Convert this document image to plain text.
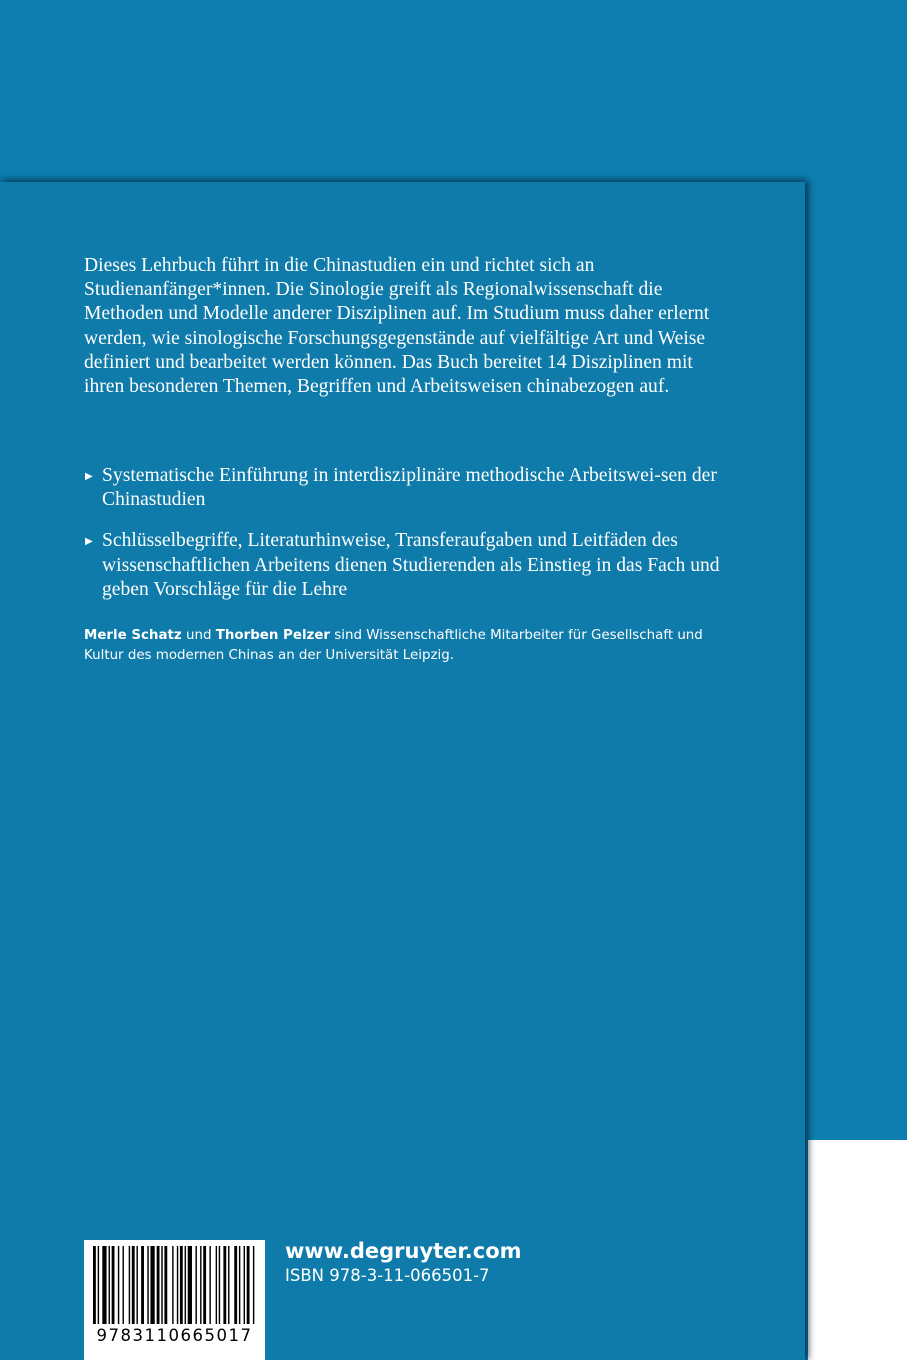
Dieses Lehrbuch führt in die Chinastudien ein und richtet sich an Studienanfänger*innen. Die Sinologie greift als Regionalwissenschaft die Methoden und Modelle anderer Disziplinen auf. Im Studium muss daher erlernt werden, wie sinologische Forschungsgegenstände auf vielfältige Art und Weise definiert und bearbeitet werden können. Das Buch bereitet 14 Disziplinen mit ihren besonderen Themen, Begriffen und Arbeitsweisen chinabezogen auf.

▶ Systematische Einführung in interdisziplinäre methodische Arbeitswei-sen der Chinastudien
▶ Schlüsselbegriffe, Literaturhinweise, Transferaufgaben und Leitfäden des wissenschaftlichen Arbeitens dienen Studierenden als Einstieg in das Fach und geben Vorschläge für die Lehre

Merle Schatz und Thorben Pelzer sind Wissenschaftliche Mitarbeiter für Gesellschaft und Kultur des modernen Chinas an der Universität Leipzig.

9783110665017
www.degruyter.com
ISBN 978-3-11-066501-7
